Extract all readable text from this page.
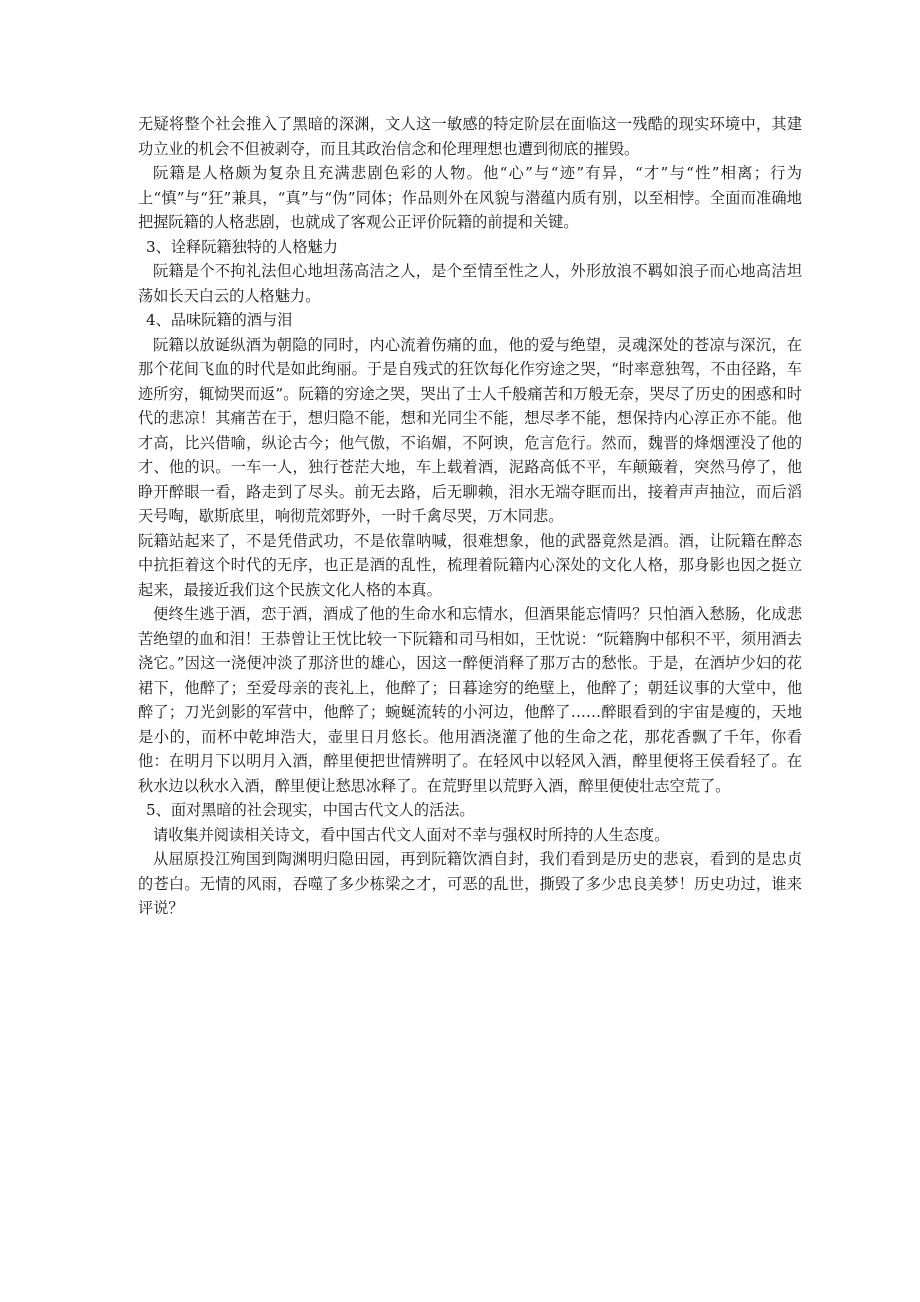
无疑将整个社会推入了黑暗的深渊，文人这一敏感的特定阶层在面临这一残酷的现实环境中，其建功立业的机会不但被剥夺，而且其政治信念和伦理理想也遭到彻底的摧毁。

阮籍是人格颇为复杂且充满悲剧色彩的人物。他“心”与“迹”有异，“才”与“性”相离；行为上“慎”与“狂”兼具，“真”与“伪”同体；作品则外在风貌与潜蕴内质有别，以至相悖。全面而准确地把握阮籍的人格悲剧，也就成了客观公正评价阮籍的前提和关键。

3、诠释阮籍独特的人格魅力

阮籍是个不拘礼法但心地坦荡高洁之人，是个至情至性之人，外形放浪不羁如浪子而心地高洁坦荡如长天白云的人格魅力。

4、品味阮籍的酒与泪

阮籍以放诞纵酒为朝隐的同时，内心流着伤痛的血，他的爱与绝望，灵魂深处的苍凉与深沉，在那个花间飞血的时代是如此绚丽。于是自残式的狂饮每化作穷途之哭，“时率意独驾，不由径路，车迹所穷，辄恸哭而返”。阮籍的穷途之哭，哭出了士人千般痛苦和万般无奈，哭尽了历史的困惑和时代的悲凉！其痛苦在于，想归隐不能，想和光同尘不能，想尽孝不能，想保持内心淳正亦不能。他才高，比兴借喻，纵论古今；他气傲，不谄媚，不阿谀，危言危行。然而，魏晋的烽烟湮没了他的才、他的识。一车一人，独行苍茫大地，车上载着酒，泥路高低不平，车颠簸着，突然马停了，他睁开醉眼一看，路走到了尽头。前无去路，后无聊赖，泪水无端夺眶而出，接着声声抽泣，而后滔天号啕，歇斯底里，响彻荒郊野外，一时千禽尽哭，万木同悲。

阮籍站起来了，不是凭借武功，不是依靠呐喊，很难想象，他的武器竟然是酒。酒，让阮籍在醉态中抗拒着这个时代的无序，也正是酒的乱性，梳理着阮籍内心深处的文化人格，那身影也因之挺立起来，最接近我们这个民族文化人格的本真。

便终生逃于酒，恋于酒，酒成了他的生命水和忘情水，但酒果能忘情吗？只怕酒入愁肠，化成悲苦绝望的血和泪！王恭曾让王忱比较一下阮籍和司马相如，王忱说：“阮籍胸中郁积不平，须用酒去浇它。”因这一浇便冲淡了那济世的雄心，因这一醉便消释了那万古的愁怅。于是，在酒垆少妇的花裙下，他醉了；至爱母亲的丧礼上，他醉了；日暮途穷的绝壁上，他醉了；朝廷议事的大堂中，他醉了；刀光剑影的军营中，他醉了；蜿蜒流转的小河边，他醉了……醉眼看到的宇宙是瘦的，天地是小的，而杯中乾坤浩大，壶里日月悠长。他用酒浇灌了他的生命之花，那花香飘了千年，你看他：在明月下以明月入酒，醉里便把世情辨明了。在轻风中以轻风入酒，醉里便将王侯看轻了。在秋水边以秋水入酒，醉里便让愁思冰释了。在荒野里以荒野入酒，醉里便使壮志空荒了。

5、面对黑暗的社会现实，中国古代文人的活法。

请收集并阅读相关诗文，看中国古代文人面对不幸与强权时所持的人生态度。

从屈原投江殉国到陶渊明归隐田园，再到阮籍饮酒自封，我们看到是历史的悲哀，看到的是忠贞的苍白。无情的风雨，吞噬了多少栋梁之才，可恶的乱世，撕毁了多少忠良美梦！历史功过，谁来评说？
